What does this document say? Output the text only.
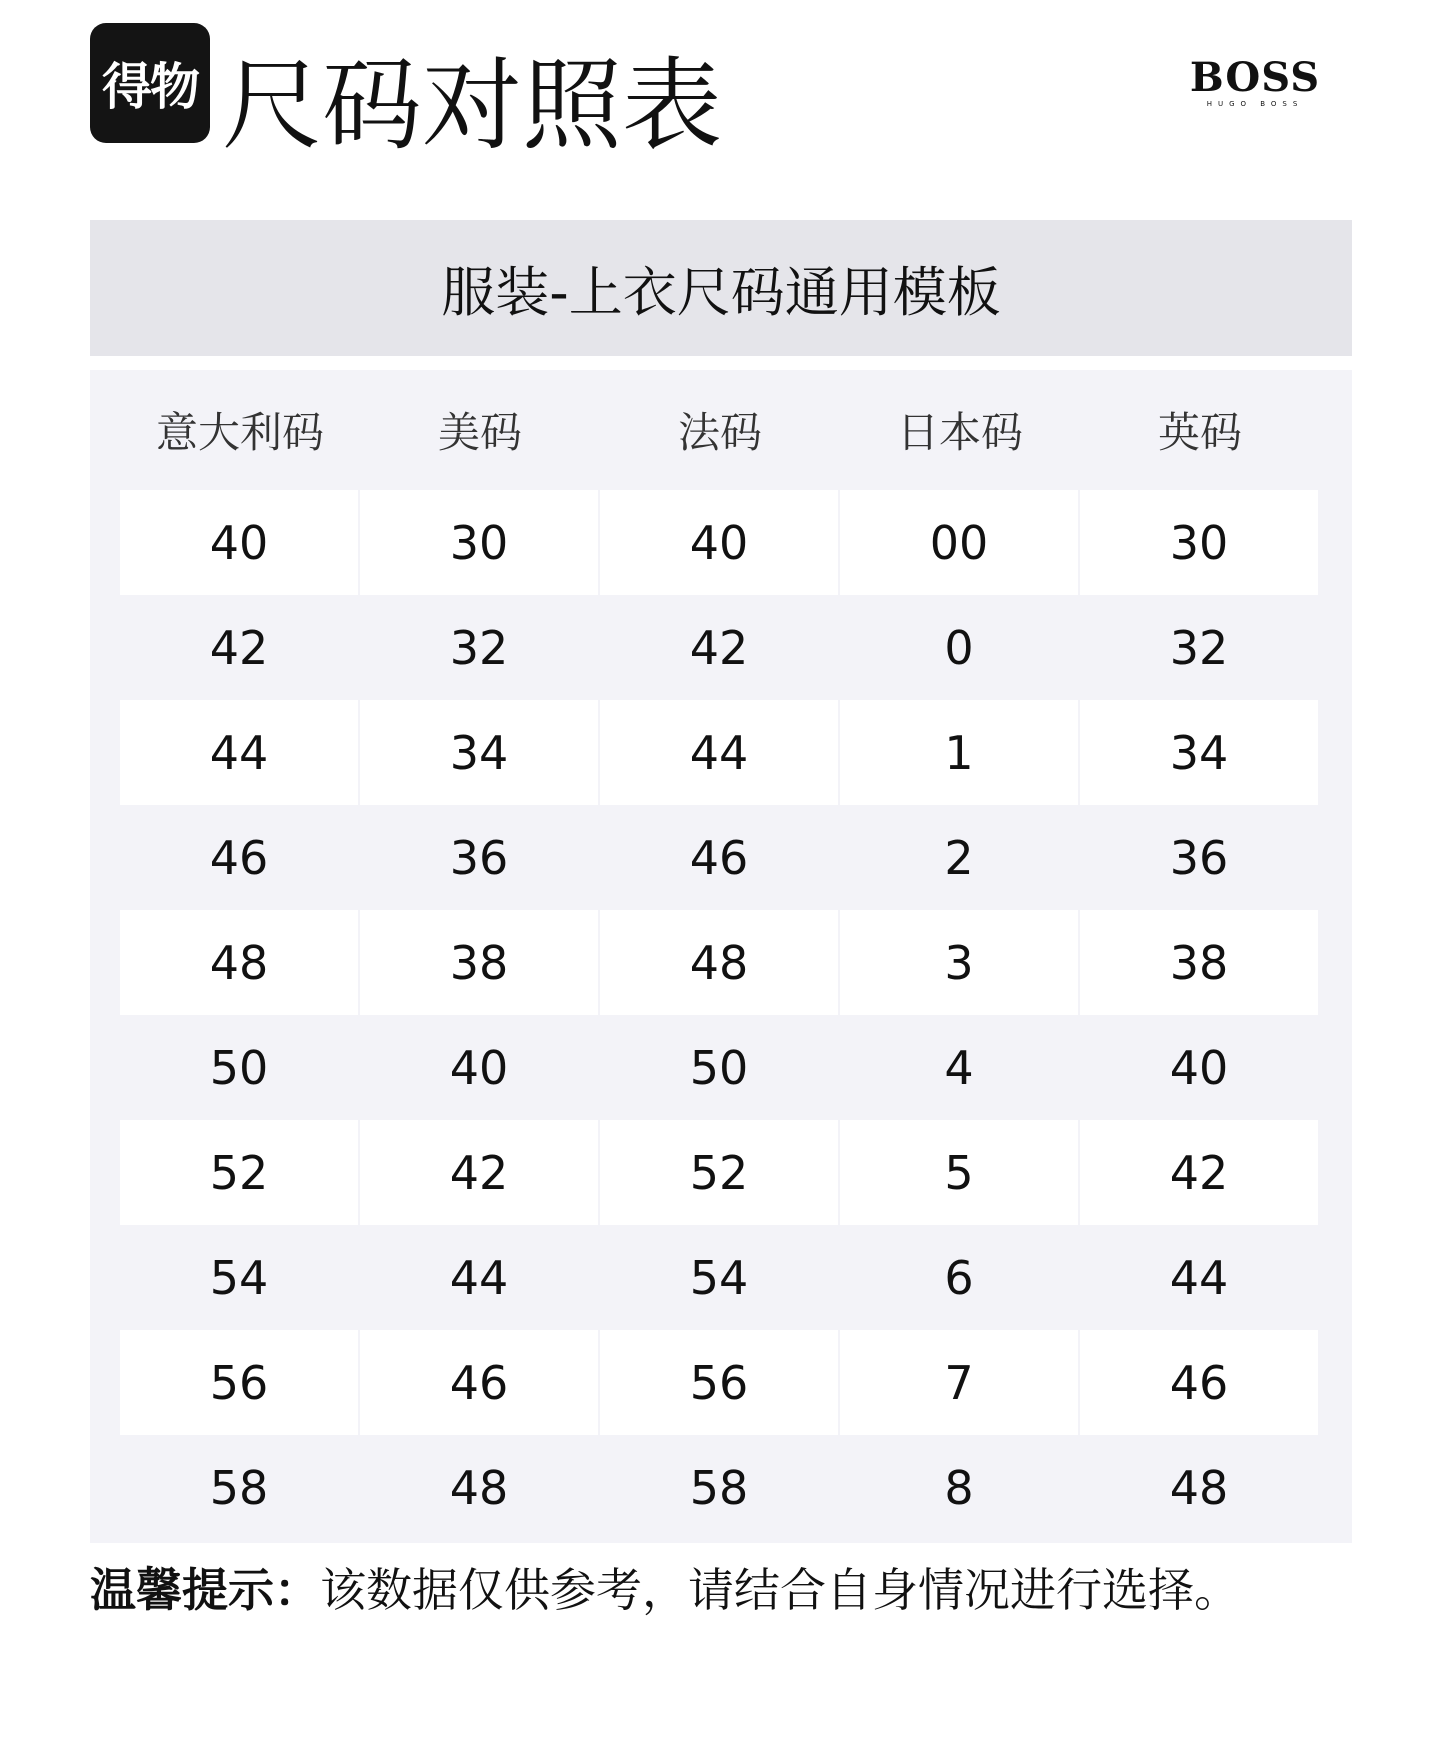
得物 尺码对照表	BOSS
HUGO BOSS
服装-上衣尺码通用模板
意大利码	美码	法码	日本码	英码
40	30	40	00	30
42	32	42	0	32
44	34	44	1	34
46	36	46	2	36
48	38	48	3	38
50	40	50	4	40
52	42	52	5	42
54	44	54	6	44
56	46	56	7	46
58	48	58	8	48
温馨提示：该数据仅供参考，请结合自身情况进行选择。
